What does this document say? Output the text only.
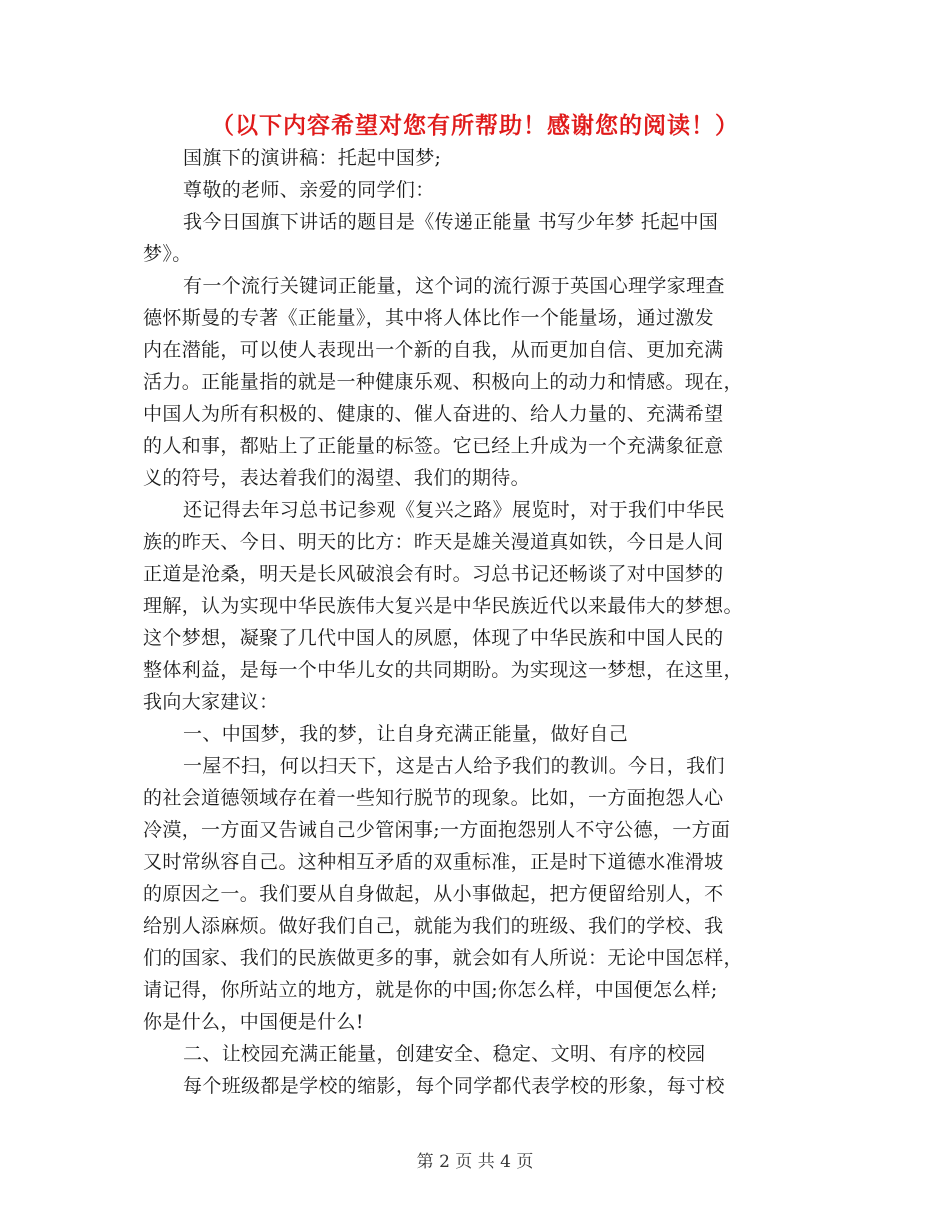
（以下内容希望对您有所帮助！感谢您的阅读！）
国旗下的演讲稿：托起中国梦;
尊敬的老师、亲爱的同学们：
我今日国旗下讲话的题目是《传递正能量 书写少年梦 托起中国
梦》。
有一个流行关键词正能量，这个词的流行源于英国心理学家理查
德怀斯曼的专著《正能量》，其中将人体比作一个能量场，通过激发
内在潜能，可以使人表现出一个新的自我，从而更加自信、更加充满
活力。正能量指的就是一种健康乐观、积极向上的动力和情感。现在，
中国人为所有积极的、健康的、催人奋进的、给人力量的、充满希望
的人和事，都贴上了正能量的标签。它已经上升成为一个充满象征意
义的符号，表达着我们的渴望、我们的期待。
还记得去年习总书记参观《复兴之路》展览时，对于我们中华民
族的昨天、今日、明天的比方：昨天是雄关漫道真如铁，今日是人间
正道是沧桑，明天是长风破浪会有时。习总书记还畅谈了对中国梦的
理解，认为实现中华民族伟大复兴是中华民族近代以来最伟大的梦想。
这个梦想，凝聚了几代中国人的夙愿，体现了中华民族和中国人民的
整体利益，是每一个中华儿女的共同期盼。为实现这一梦想，在这里，
我向大家建议：
一、中国梦，我的梦，让自身充满正能量，做好自己
一屋不扫，何以扫天下，这是古人给予我们的教训。今日，我们
的社会道德领域存在着一些知行脱节的现象。比如，一方面抱怨人心
冷漠，一方面又告诫自己少管闲事;一方面抱怨别人不守公德，一方面
又时常纵容自己。这种相互矛盾的双重标准，正是时下道德水准滑坡
的原因之一。我们要从自身做起，从小事做起，把方便留给别人，不
给别人添麻烦。做好我们自己，就能为我们的班级、我们的学校、我
们的国家、我们的民族做更多的事，就会如有人所说：无论中国怎样，
请记得，你所站立的地方，就是你的中国;你怎么样，中国便怎么样;
你是什么，中国便是什么!
二、让校园充满正能量，创建安全、稳定、文明、有序的校园
每个班级都是学校的缩影，每个同学都代表学校的形象，每寸校
第 2 页 共 4 页
